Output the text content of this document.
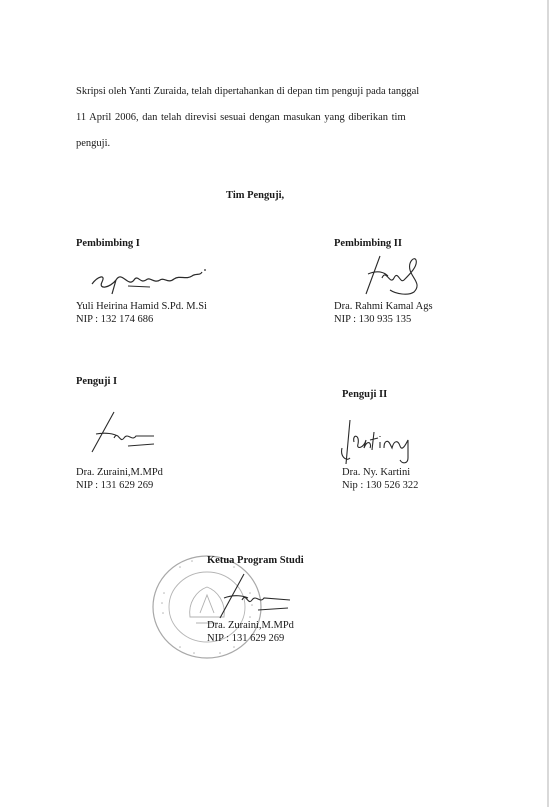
Skripsi oleh Yanti Zuraida, telah dipertahankan di depan tim penguji pada tanggal
11 April 2006, dan telah direvisi sesuai dengan masukan yang diberikan tim
penguji.
Tim Penguji,
Pembimbing I
Yuli Heirina Hamid S.Pd. M.Si
NIP : 132 174 686
Pembimbing II
Dra. Rahmi Kamal Ags
NIP : 130 935 135
Penguji I
Dra. Zuraini,M.MPd
NIP : 131 629 269
Penguji II
Dra. Ny. Kartini
Nip : 130 526 322
Ketua Program Studi
Dra. Zuraini,M.MPd
NIP : 131 629 269
